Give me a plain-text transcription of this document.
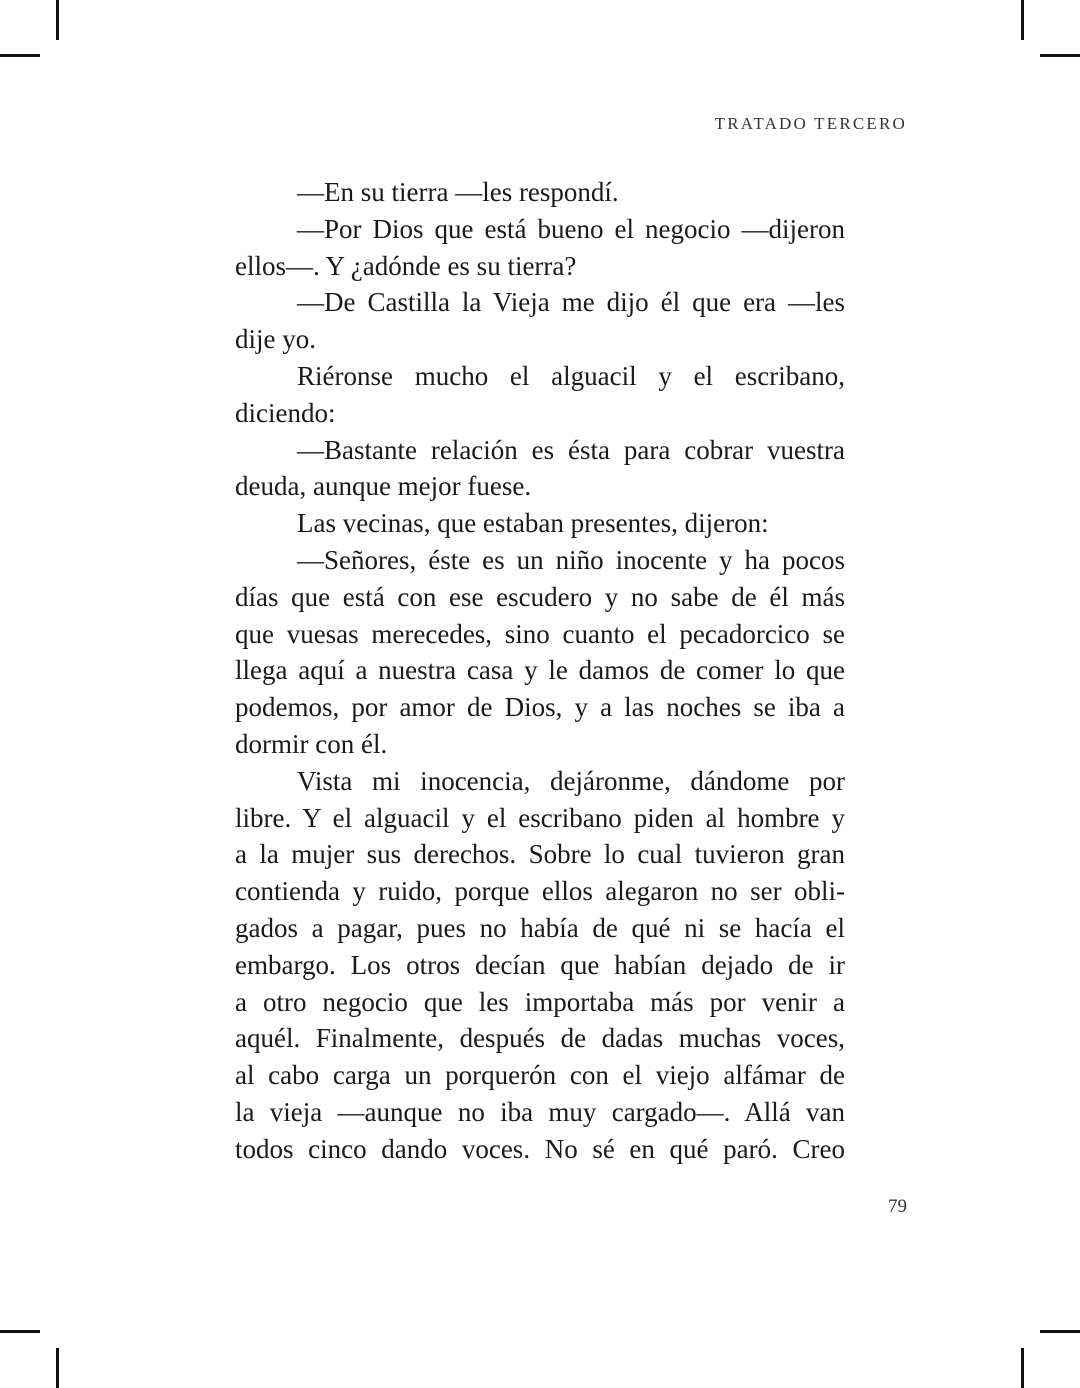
TRATADO TERCERO
—En su tierra —les respondí.
—Por Dios que está bueno el negocio —dijeron
ellos—. Y ¿adónde es su tierra?
—De Castilla la Vieja me dijo él que era —les
dije yo.
Riéronse mucho el alguacil y el escribano,
diciendo:
—Bastante relación es ésta para cobrar vuestra
deuda, aunque mejor fuese.
Las vecinas, que estaban presentes, dijeron:
—Señores, éste es un niño inocente y ha pocos
días que está con ese escudero y no sabe de él más
que vuesas merecedes, sino cuanto el pecadorcico se
llega aquí a nuestra casa y le damos de comer lo que
podemos, por amor de Dios, y a las noches se iba a
dormir con él.
Vista mi inocencia, dejáronme, dándome por
libre. Y el alguacil y el escribano piden al hombre y
a la mujer sus derechos. Sobre lo cual tuvieron gran
contienda y ruido, porque ellos alegaron no ser obli-
gados a pagar, pues no había de qué ni se hacía el
embargo. Los otros decían que habían dejado de ir
a otro negocio que les importaba más por venir a
aquél. Finalmente, después de dadas muchas voces,
al cabo carga un porquerón con el viejo alfámar de
la vieja —aunque no iba muy cargado—. Allá van
todos cinco dando voces. No sé en qué paró. Creo
79
